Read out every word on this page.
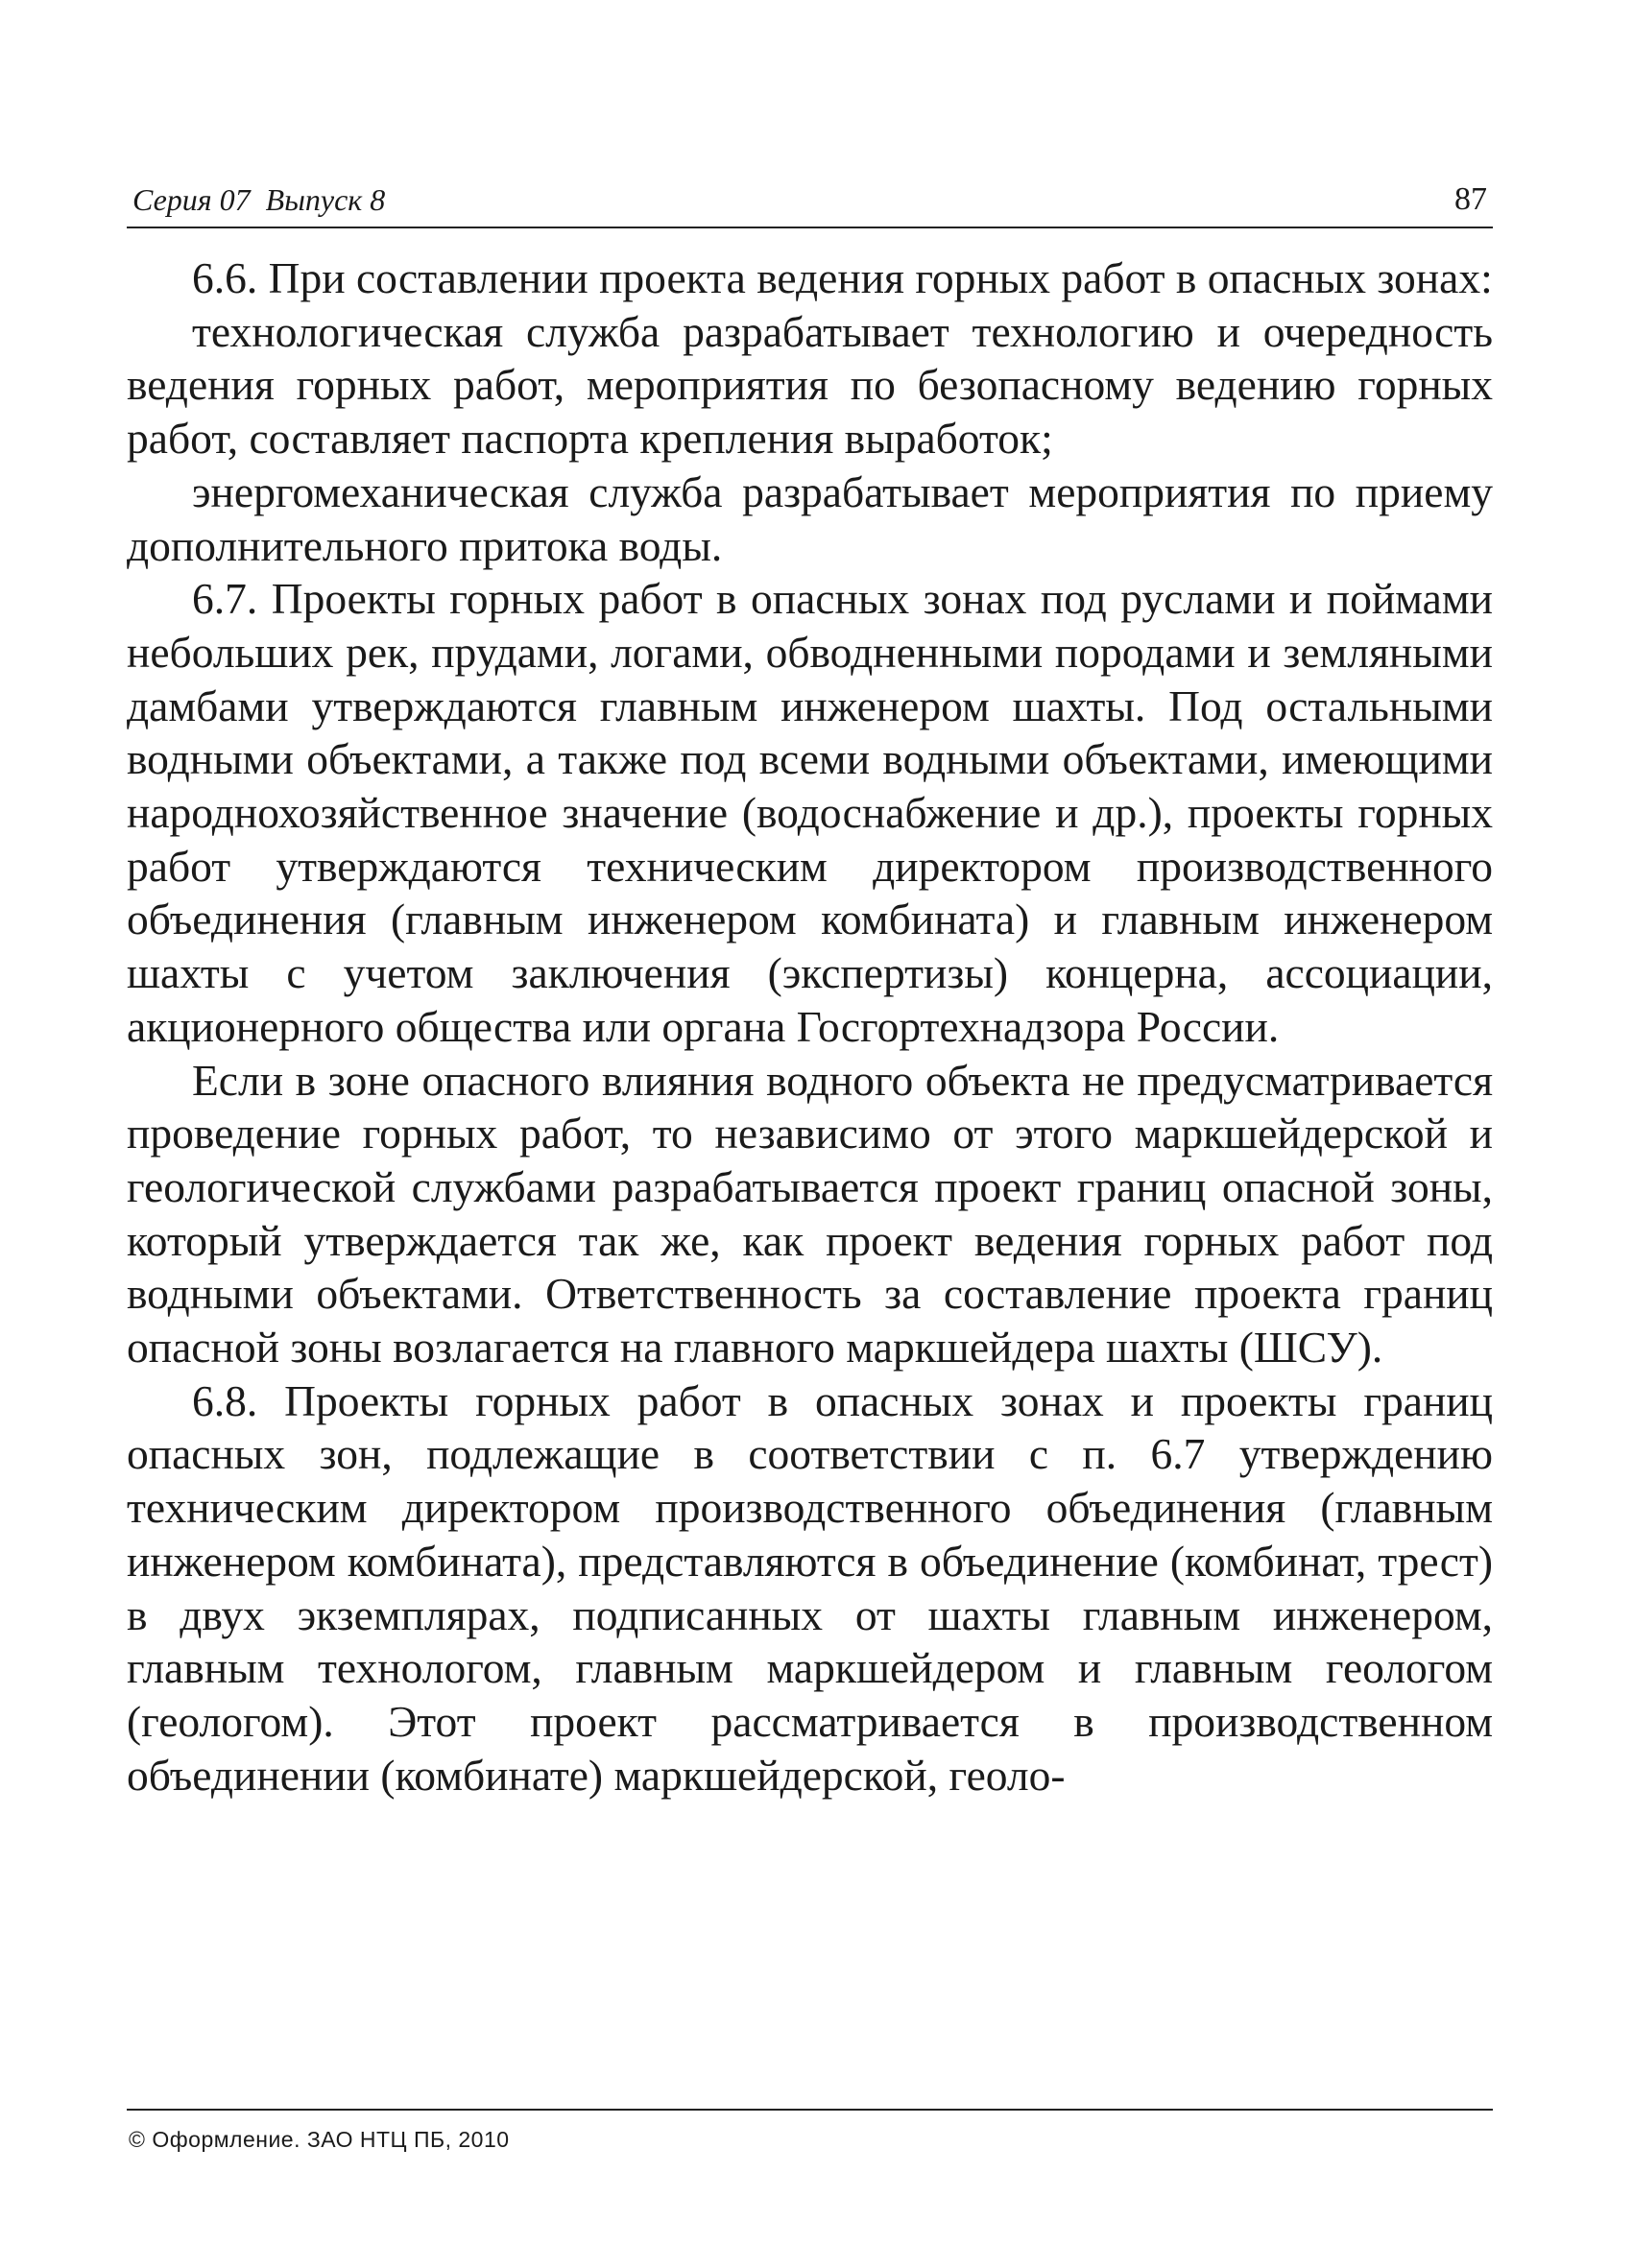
Серия 07  Выпуск 8	87

6.6. При составлении проекта ведения горных работ в опасных зонах:

технологическая служба разрабатывает технологию и очередность ведения горных работ, мероприятия по безопасному ведению горных работ, составляет паспорта крепления выработок;

энергомеханическая служба разрабатывает мероприятия по приему дополнительного притока воды.

6.7. Проекты горных работ в опасных зонах под руслами и поймами небольших рек, прудами, логами, обводненными породами и земляными дамбами утверждаются главным инженером шахты. Под остальными водными объектами, а также под всеми водными объектами, имеющими народнохозяйственное значение (водоснабжение и др.), проекты горных работ утверждаются техническим директором производственного объединения (главным инженером комбината) и главным инженером шахты с учетом заключения (экспертизы) концерна, ассоциации, акционерного общества или органа Госгортехнадзора России.

Если в зоне опасного влияния водного объекта не предусматривается проведение горных работ, то независимо от этого маркшейдерской и геологической службами разрабатывается проект границ опасной зоны, который утверждается так же, как проект ведения горных работ под водными объектами. Ответственность за составление проекта границ опасной зоны возлагается на главного маркшейдера шахты (ШСУ).

6.8. Проекты горных работ в опасных зонах и проекты границ опасных зон, подлежащие в соответствии с п. 6.7 утверждению техническим директором производственного объединения (главным инженером комбината), представляются в объединение (комбинат, трест) в двух экземплярах, подписанных от шахты главным инженером, главным технологом, главным маркшейдером и главным геологом (геологом). Этот проект рассматривается в производственном объединении (комбинате) маркшейдерской, геоло-

© Оформление. ЗАО НТЦ ПБ, 2010
